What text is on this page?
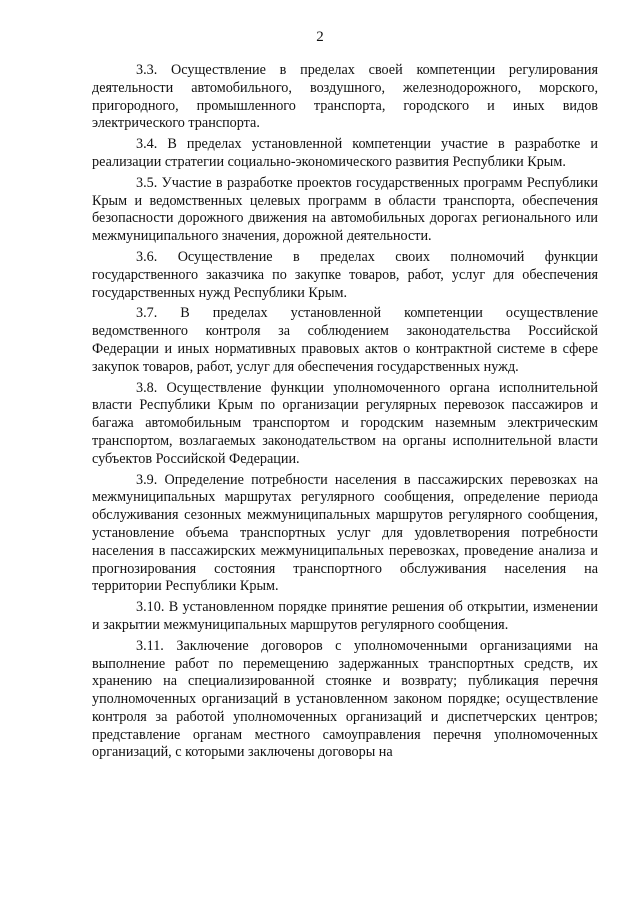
2

3.3. Осуществление в пределах своей компетенции регулирования деятельности автомобильного, воздушного, железнодорожного, морского, пригородного, промышленного транспорта, городского и иных видов электрического транспорта.

3.4. В пределах установленной компетенции участие в разработке и реализации стратегии социально-экономического развития Республики Крым.

3.5. Участие в разработке проектов государственных программ Республики Крым и ведомственных целевых программ в области транспорта, обеспечения безопасности дорожного движения на автомобильных дорогах регионального или межмуниципального значения, дорожной деятельности.

3.6. Осуществление в пределах своих полномочий функции государственного заказчика по закупке товаров, работ, услуг для обеспечения государственных нужд Республики Крым.

3.7. В пределах установленной компетенции осуществление ведомственного контроля за соблюдением законодательства Российской Федерации и иных нормативных правовых актов о контрактной системе в сфере закупок товаров, работ, услуг для обеспечения государственных нужд.

3.8. Осуществление функции уполномоченного органа исполнительной власти Республики Крым по организации регулярных перевозок пассажиров и багажа автомобильным транспортом и городским наземным электрическим транспортом, возлагаемых законодательством на органы исполнительной власти субъектов Российской Федерации.

3.9. Определение потребности населения в пассажирских перевозках на межмуниципальных маршрутах регулярного сообщения, определение периода обслуживания сезонных межмуниципальных маршрутов регулярного сообщения, установление объема транспортных услуг для удовлетворения потребности населения в пассажирских межмуниципальных перевозках, проведение анализа и прогнозирования состояния транспортного обслуживания населения на территории Республики Крым.

3.10. В установленном порядке принятие решения об открытии, изменении и закрытии межмуниципальных маршрутов регулярного сообщения.

3.11. Заключение договоров с уполномоченными организациями на выполнение работ по перемещению задержанных транспортных средств, их хранению на специализированной стоянке и возврату; публикация перечня уполномоченных организаций в установленном законом порядке; осуществление контроля за работой уполномоченных организаций и диспетчерских центров; представление органам местного самоуправления перечня уполномоченных организаций, с которыми заключены договоры на
